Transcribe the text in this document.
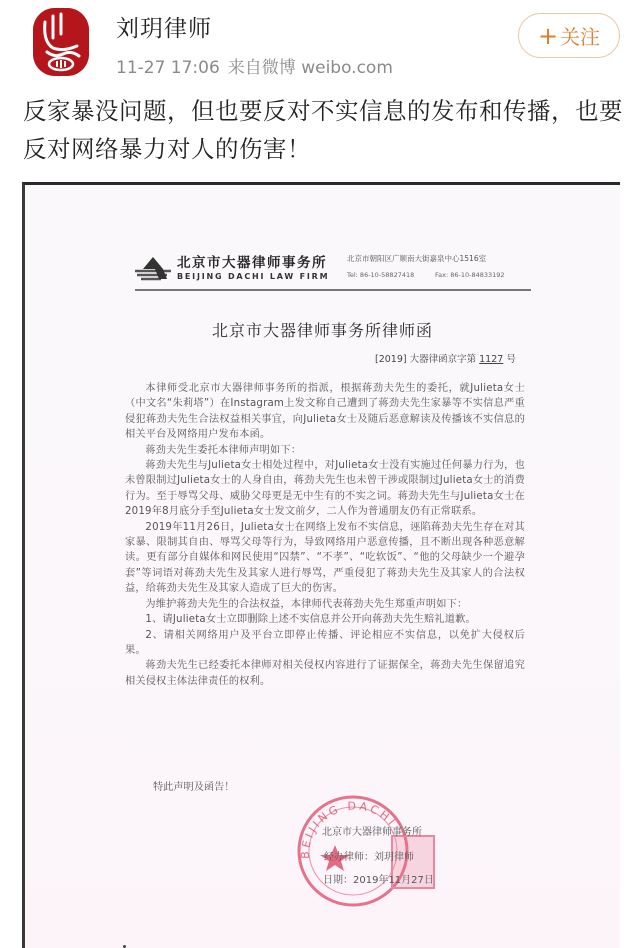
刘玥律师
11-27 17:06 来自微博 weibo.com
+ 关注
反家暴没问题，但也要反对不实信息的发布和传播，也要反对网络暴力对人的伤害！
北京市大器律师事务所
BEIJING DACHI LAW FIRM
北京市朝阳区广顺南大街嘉泉中心1516室
Tel: 86-10-58827418	Fax: 86-10-84833192
北京市大器律师事务所律师函
[2019] 大器律函京字第 1127 号

本律师受北京市大器律师事务所的指派，根据蒋劲夫先生的委托，就Julieta女士（中文名“朱莉塔”）在Instagram上发文称自己遭到了蒋劲夫先生家暴等不实信息严重侵犯蒋劲夫先生合法权益相关事宜，向Julieta女士及随后恶意解读及传播该不实信息的相关平台及网络用户发布本函。

蒋劲夫先生委托本律师声明如下：

蒋劲夫先生与Julieta女士相处过程中，对Julieta女士没有实施过任何暴力行为，也未曾限制过Julieta女士的人身自由，蒋劲夫先生也未曾干涉或限制过Julieta女士的消费行为。至于辱骂父母、威胁父母更是无中生有的不实之词。蒋劲夫先生与Julieta女士在2019年8月底分手至Julieta女士发文前夕，二人作为普通朋友仍有正常联系。

2019年11月26日，Julieta女士在网络上发布不实信息，诬陷蒋劲夫先生存在对其家暴、限制其自由、辱骂父母等行为，导致网络用户恶意传播，且不断出现各种恶意解读。更有部分自媒体和网民使用“囚禁”、“不孝”、“吃软饭”、“他的父母缺少一个避孕套”等词语对蒋劲夫先生及其家人进行辱骂，严重侵犯了蒋劲夫先生及其家人的合法权益，给蒋劲夫先生及其家人造成了巨大的伤害。

为维护蒋劲夫先生的合法权益，本律师代表蒋劲夫先生郑重声明如下：

1、请Julieta女士立即删除上述不实信息并公开向蒋劲夫先生赔礼道歉。

2、请相关网络用户及平台立即停止传播、评论相应不实信息，以免扩大侵权后果。

蒋劲夫先生已经委托本律师对相关侵权内容进行了证据保全，蒋劲夫先生保留追究相关侵权主体法律责任的权利。

特此声明及函告！
BEIJING DACHI
北京市大器律师事务所
经办律师：刘玥律师
日期：2019年11月27日
